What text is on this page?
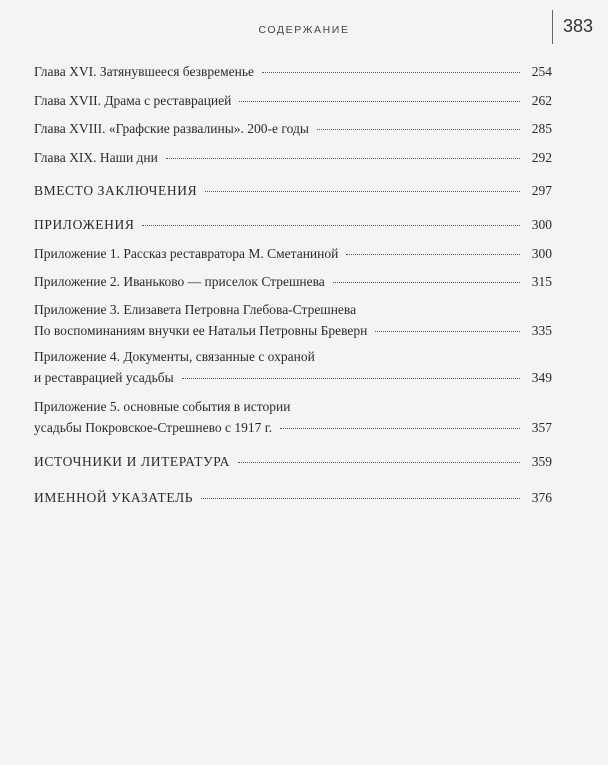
СОДЕРЖАНИЕ	383
Глава XVI. Затянувшееся безвременье	254
Глава XVII. Драма с реставрацией	262
Глава XVIII. «Графские развалины». 200-е годы	285
Глава XIX. Наши дни	292
ВМЕСТО ЗАКЛЮЧЕНИЯ	297
ПРИЛОЖЕНИЯ	300
Приложение 1. Рассказ реставратора М. Сметаниной	300
Приложение 2. Иваньково — приселок Стрешнева	315
Приложение 3. Елизавета Петровна Глебова-Стрешнева
По воспоминаниям внучки ее Натальи Петровны Бреверн	335
Приложение 4. Документы, связанные с охраной
и реставрацией усадьбы	349
Приложение 5. основные события в истории
усадьбы Покровское-Стрешнево с 1917 г.	357
ИСТОЧНИКИ И ЛИТЕРАТУРА	359
ИМЕННОЙ УКАЗАТЕЛЬ	376
